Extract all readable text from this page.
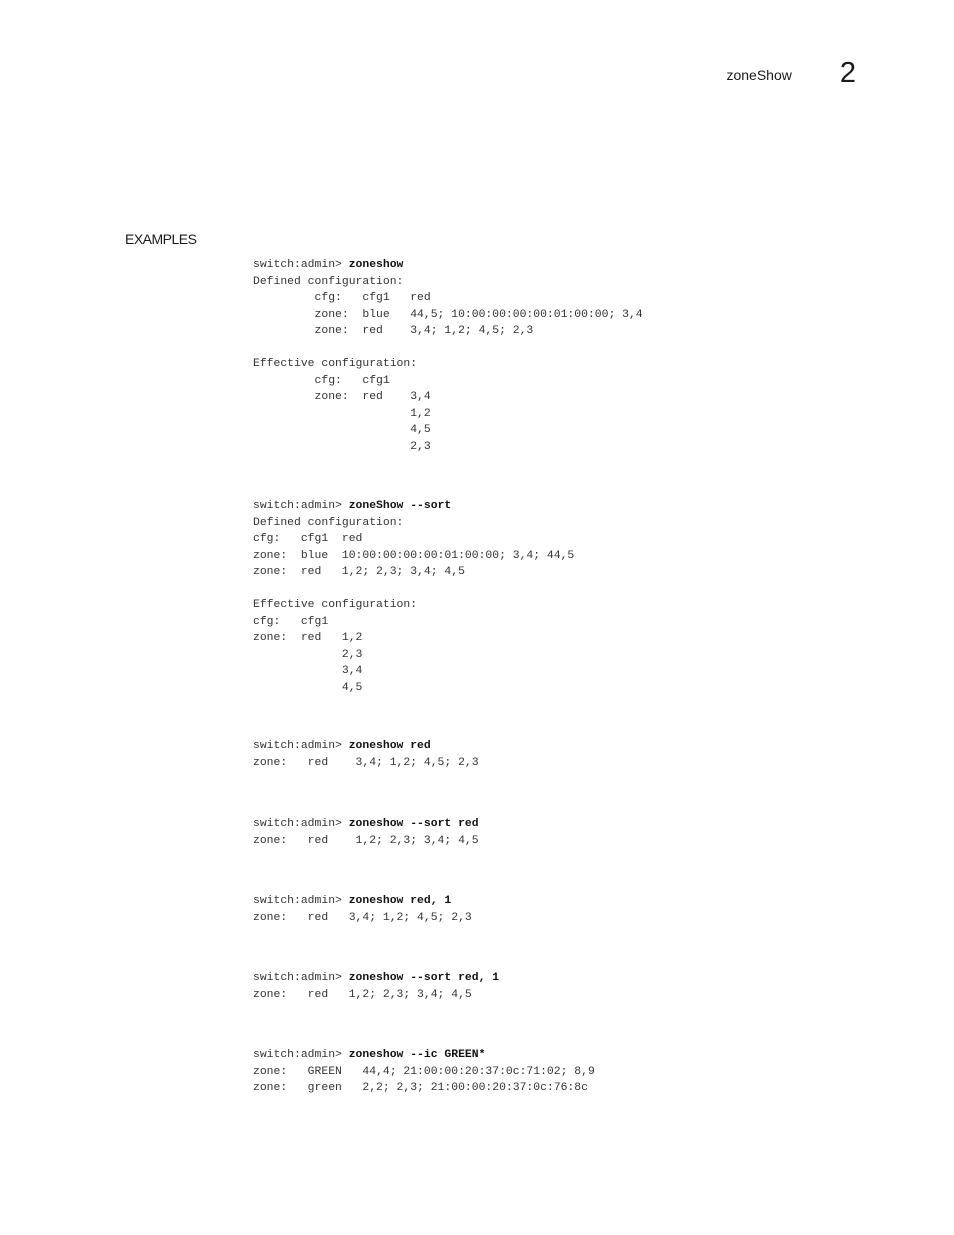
zoneShow 2
EXAMPLES
switch:admin> zoneshow
Defined configuration:
cfg:   cfg1   red
zone:  blue   44,5; 10:00:00:00:00:01:00:00; 3,4
zone:  red    3,4; 1,2; 4,5; 2,3

Effective configuration:
cfg:   cfg1
zone:  red    3,4
1,2
4,5
2,3
switch:admin> zoneShow --sort
Defined configuration:
cfg:   cfg1  red
zone:  blue  10:00:00:00:00:01:00:00; 3,4; 44,5
zone:  red   1,2; 2,3; 3,4; 4,5

Effective configuration:
cfg:   cfg1
zone:  red   1,2
2,3
3,4
4,5
switch:admin> zoneshow red
zone:   red    3,4; 1,2; 4,5; 2,3
switch:admin> zoneshow --sort red
zone:   red    1,2; 2,3; 3,4; 4,5
switch:admin> zoneshow red, 1
zone:   red   3,4; 1,2; 4,5; 2,3
switch:admin> zoneshow --sort red, 1
zone:   red   1,2; 2,3; 3,4; 4,5
switch:admin> zoneshow --ic GREEN*
zone:   GREEN   44,4; 21:00:00:20:37:0c:71:02; 8,9
zone:   green   2,2; 2,3; 21:00:00:20:37:0c:76:8c
